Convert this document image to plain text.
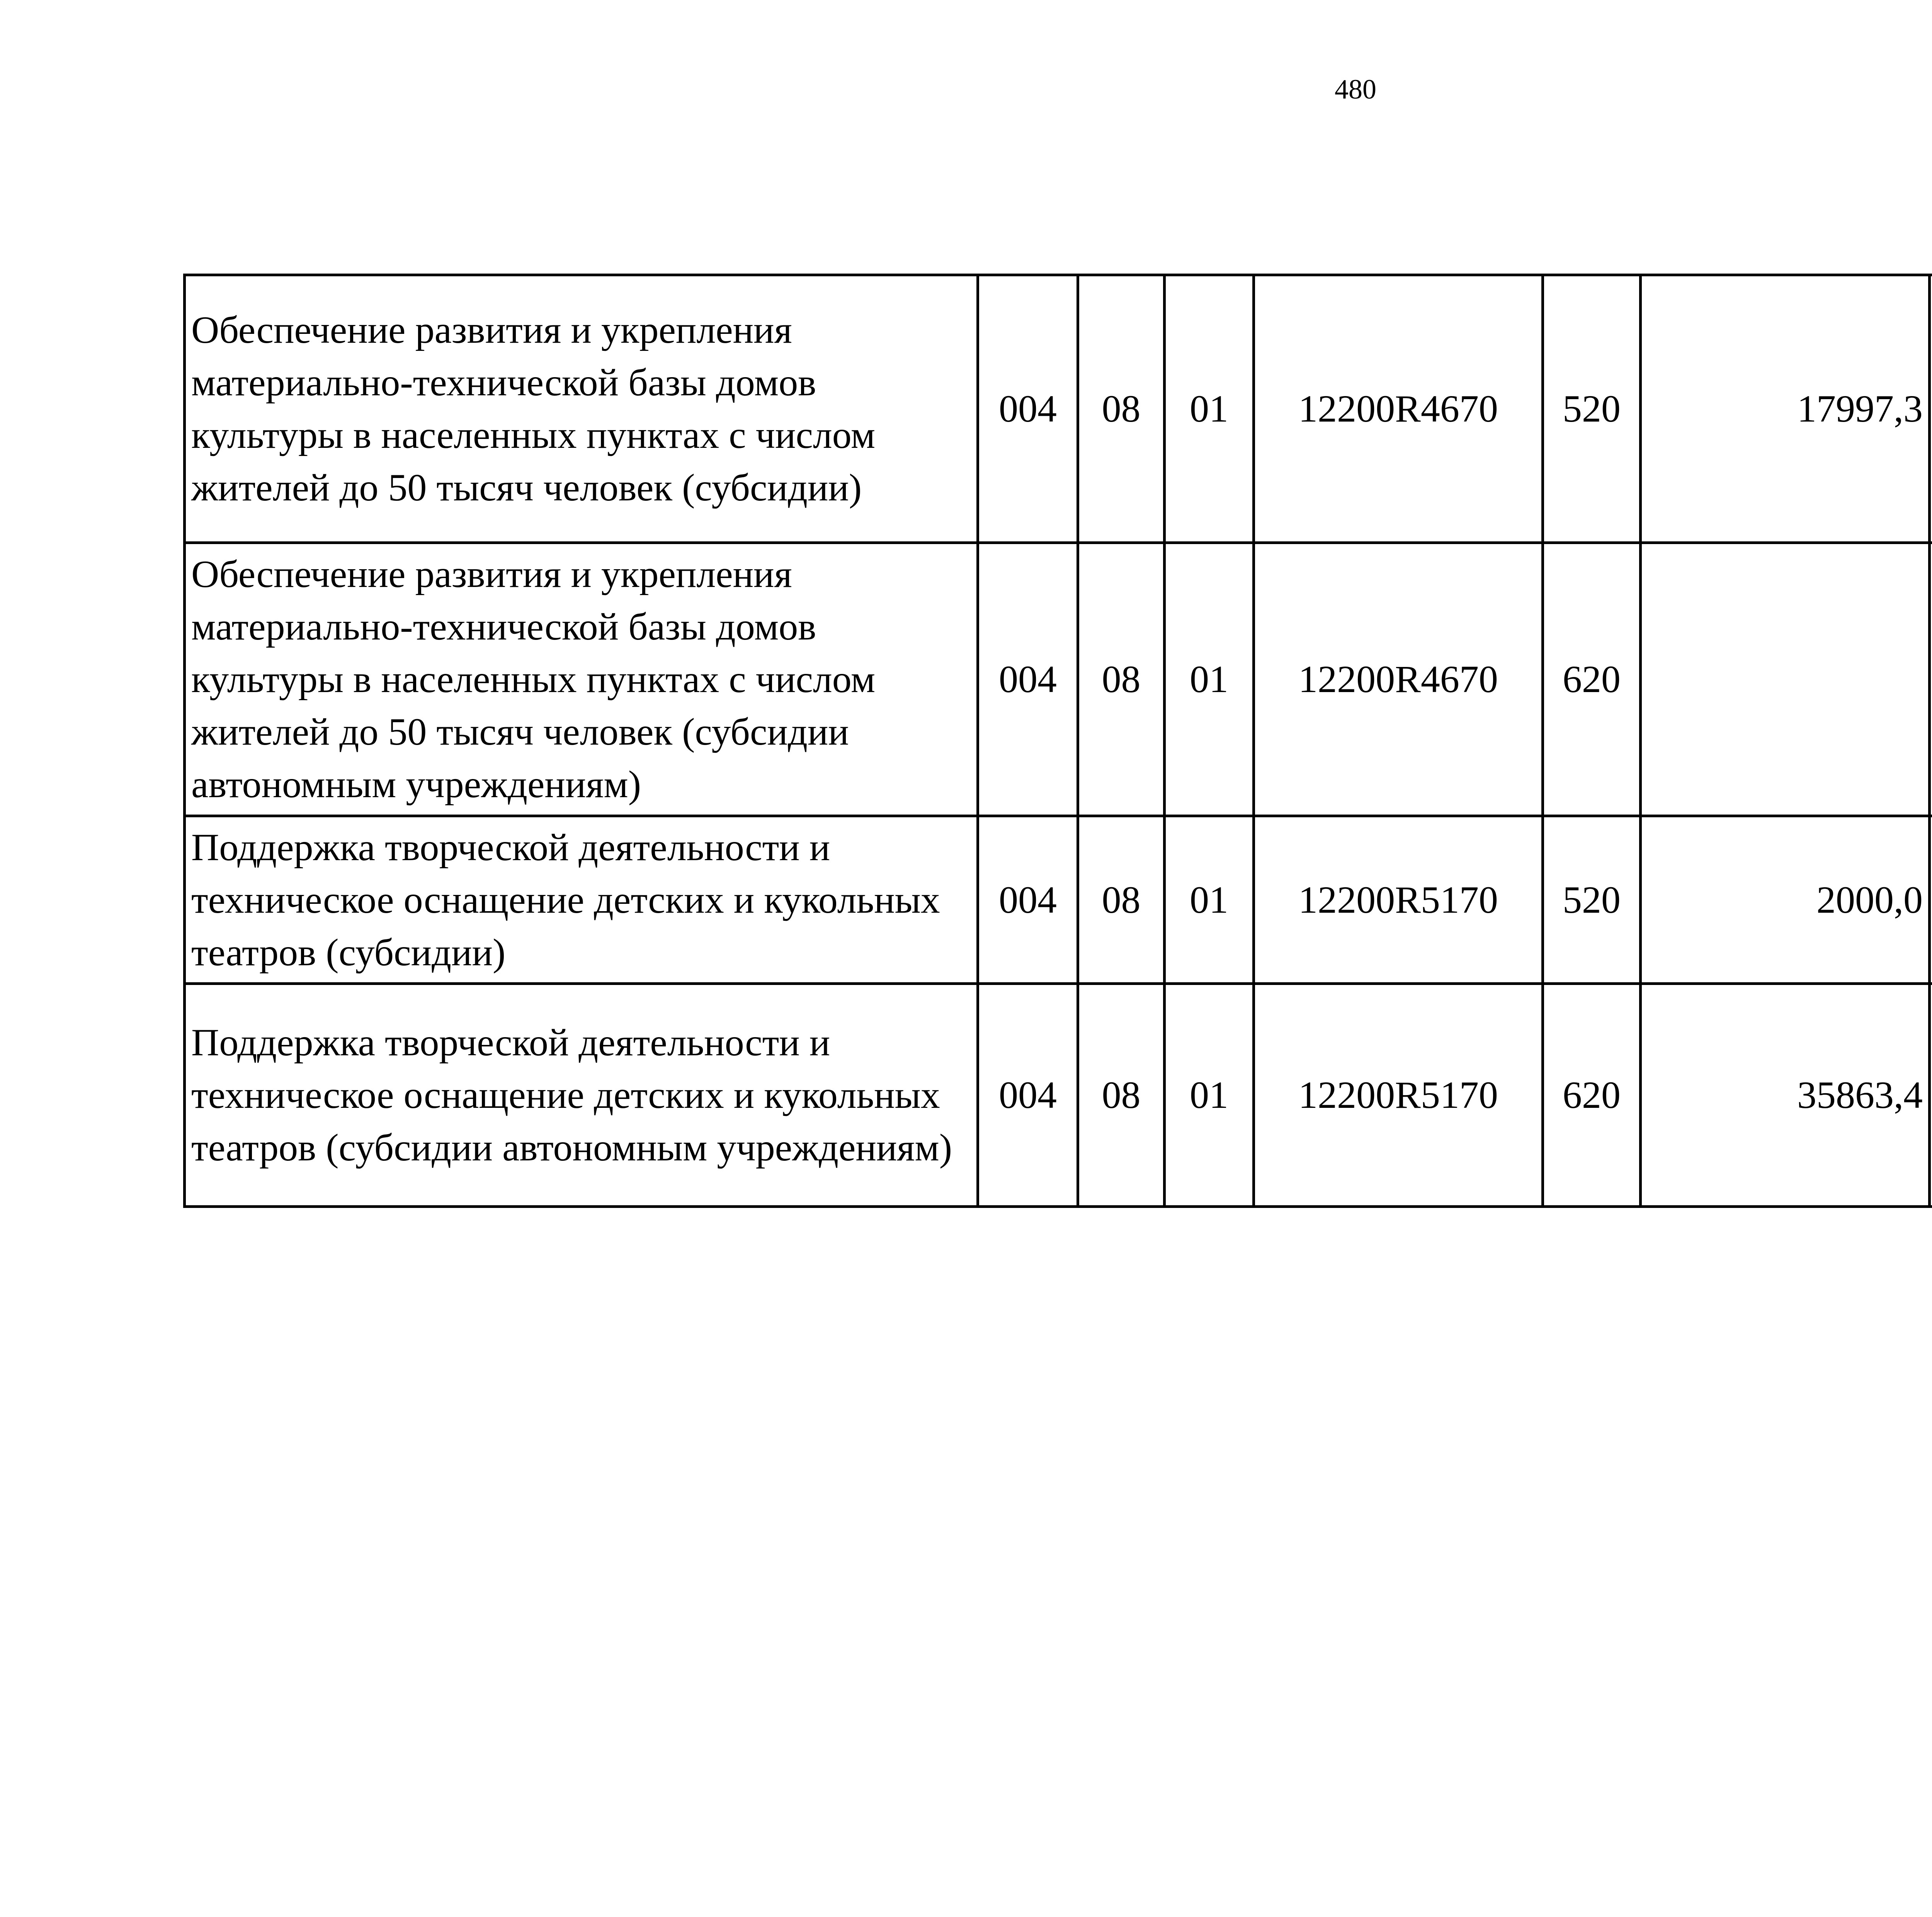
480
Обеспечение развития и укрепления материально-технической базы домов культуры в населенных пунктах с числом жителей до 50 тысяч человек (субсидии)	004	08	01	12200R4670	520	17997,3		
Обеспечение развития и укрепления материально-технической базы домов культуры в населенных пунктах с числом жителей до 50 тысяч человек (субсидии автономным учреждениям)	004	08	01	12200R4670	620			
Поддержка творческой деятельности и техническое оснащение детских и кукольных театров (субсидии)	004	08	01	12200R5170	520	2000,0		
Поддержка творческой деятельности и техническое оснащение детских и кукольных театров (субсидии автономным учреждениям)	004	08	01	12200R5170	620	35863,4		
